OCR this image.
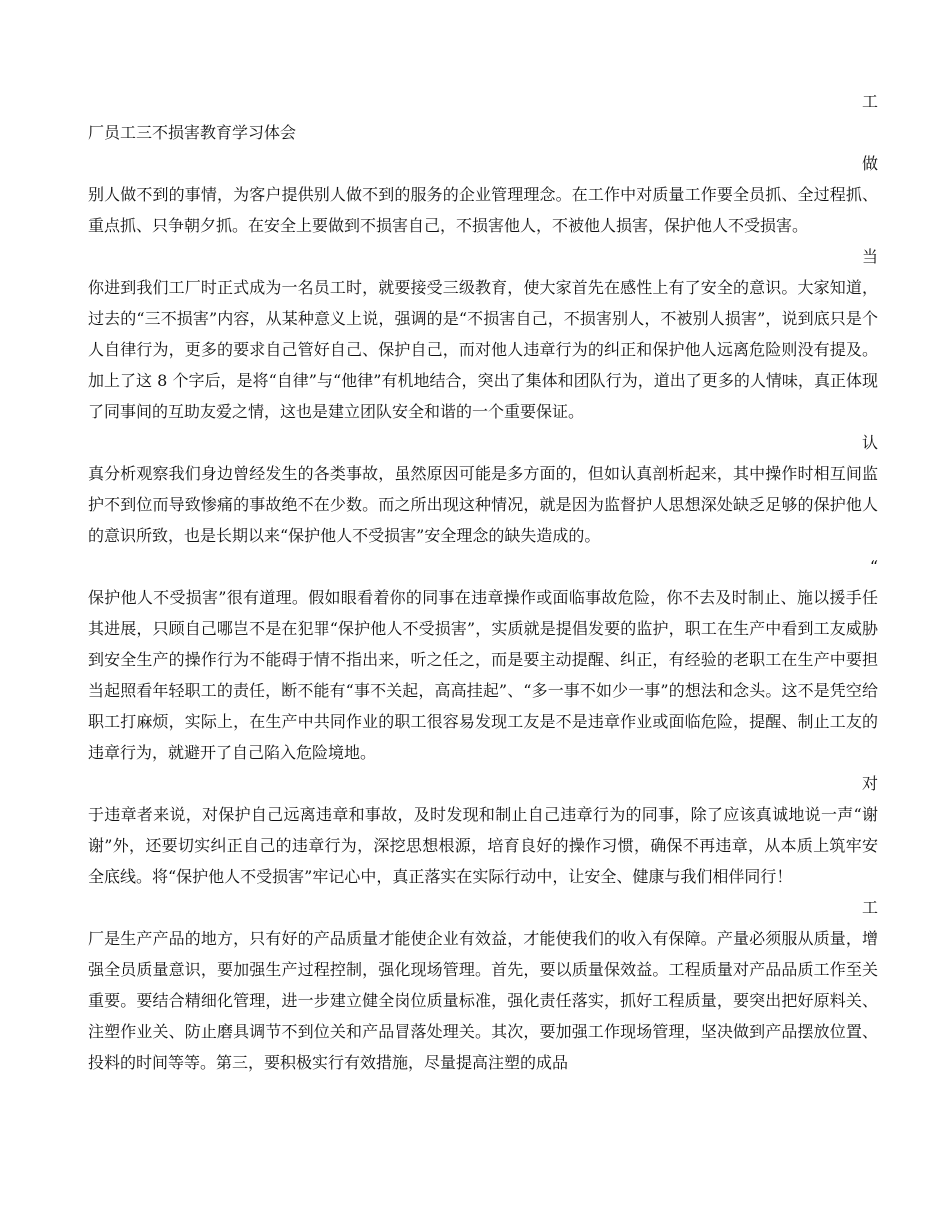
工

厂员工三不损害教育学习体会

做

别人做不到的事情，为客户提供别人做不到的服务的企业管理理念。在工作中对质量工作要全员抓、全过程抓、重点抓、只争朝夕抓。在安全上要做到不损害自己，不损害他人，不被他人损害，保护他人不受损害。

当

你进到我们工厂时正式成为一名员工时，就要接受三级教育，使大家首先在感性上有了安全的意识。大家知道，过去的“三不损害”内容，从某种意义上说，强调的是“不损害自己，不损害别人，不被别人损害”，说到底只是个人自律行为，更多的要求自己管好自己、保护自己，而对他人违章行为的纠正和保护他人远离危险则没有提及。加上了这 8 个字后，是将“自律”与“他律”有机地结合，突出了集体和团队行为，道出了更多的人情味，真正体现了同事间的互助友爱之情，这也是建立团队安全和谐的一个重要保证。

认

真分析观察我们身边曾经发生的各类事故，虽然原因可能是多方面的，但如认真剖析起来，其中操作时相互间监护不到位而导致惨痛的事故绝不在少数。而之所出现这种情况，就是因为监督护人思想深处缺乏足够的保护他人的意识所致，也是长期以来“保护他人不受损害”安全理念的缺失造成的。

“

保护他人不受损害”很有道理。假如眼看着你的同事在违章操作或面临事故危险，你不去及时制止、施以援手任其进展，只顾自己哪岂不是在犯罪“保护他人不受损害”，实质就是提倡发要的监护，职工在生产中看到工友威胁到安全生产的操作行为不能碍于情不指出来，听之任之，而是要主动提醒、纠正，有经验的老职工在生产中要担当起照看年轻职工的责任，断不能有“事不关起，高高挂起”、“多一事不如少一事”的想法和念头。这不是凭空给职工打麻烦，实际上，在生产中共同作业的职工很容易发现工友是不是违章作业或面临危险，提醒、制止工友的违章行为，就避开了自己陷入危险境地。

对

于违章者来说，对保护自己远离违章和事故，及时发现和制止自己违章行为的同事，除了应该真诚地说一声“谢谢”外，还要切实纠正自己的违章行为，深挖思想根源，培育良好的操作习惯，确保不再违章，从本质上筑牢安全底线。将“保护他人不受损害”牢记心中，真正落实在实际行动中，让安全、健康与我们相伴同行！

工

厂是生产产品的地方，只有好的产品质量才能使企业有效益，才能使我们的收入有保障。产量必须服从质量，增强全员质量意识，要加强生产过程控制，强化现场管理。首先，要以质量保效益。工程质量对产品品质工作至关重要。要结合精细化管理，进一步建立健全岗位质量标准，强化责任落实，抓好工程质量，要突出把好原料关、注塑作业关、防止磨具调节不到位关和产品冒落处理关。其次，要加强工作现场管理，坚决做到产品摆放位置、投料的时间等等。第三，要积极实行有效措施，尽量提高注塑的成品
